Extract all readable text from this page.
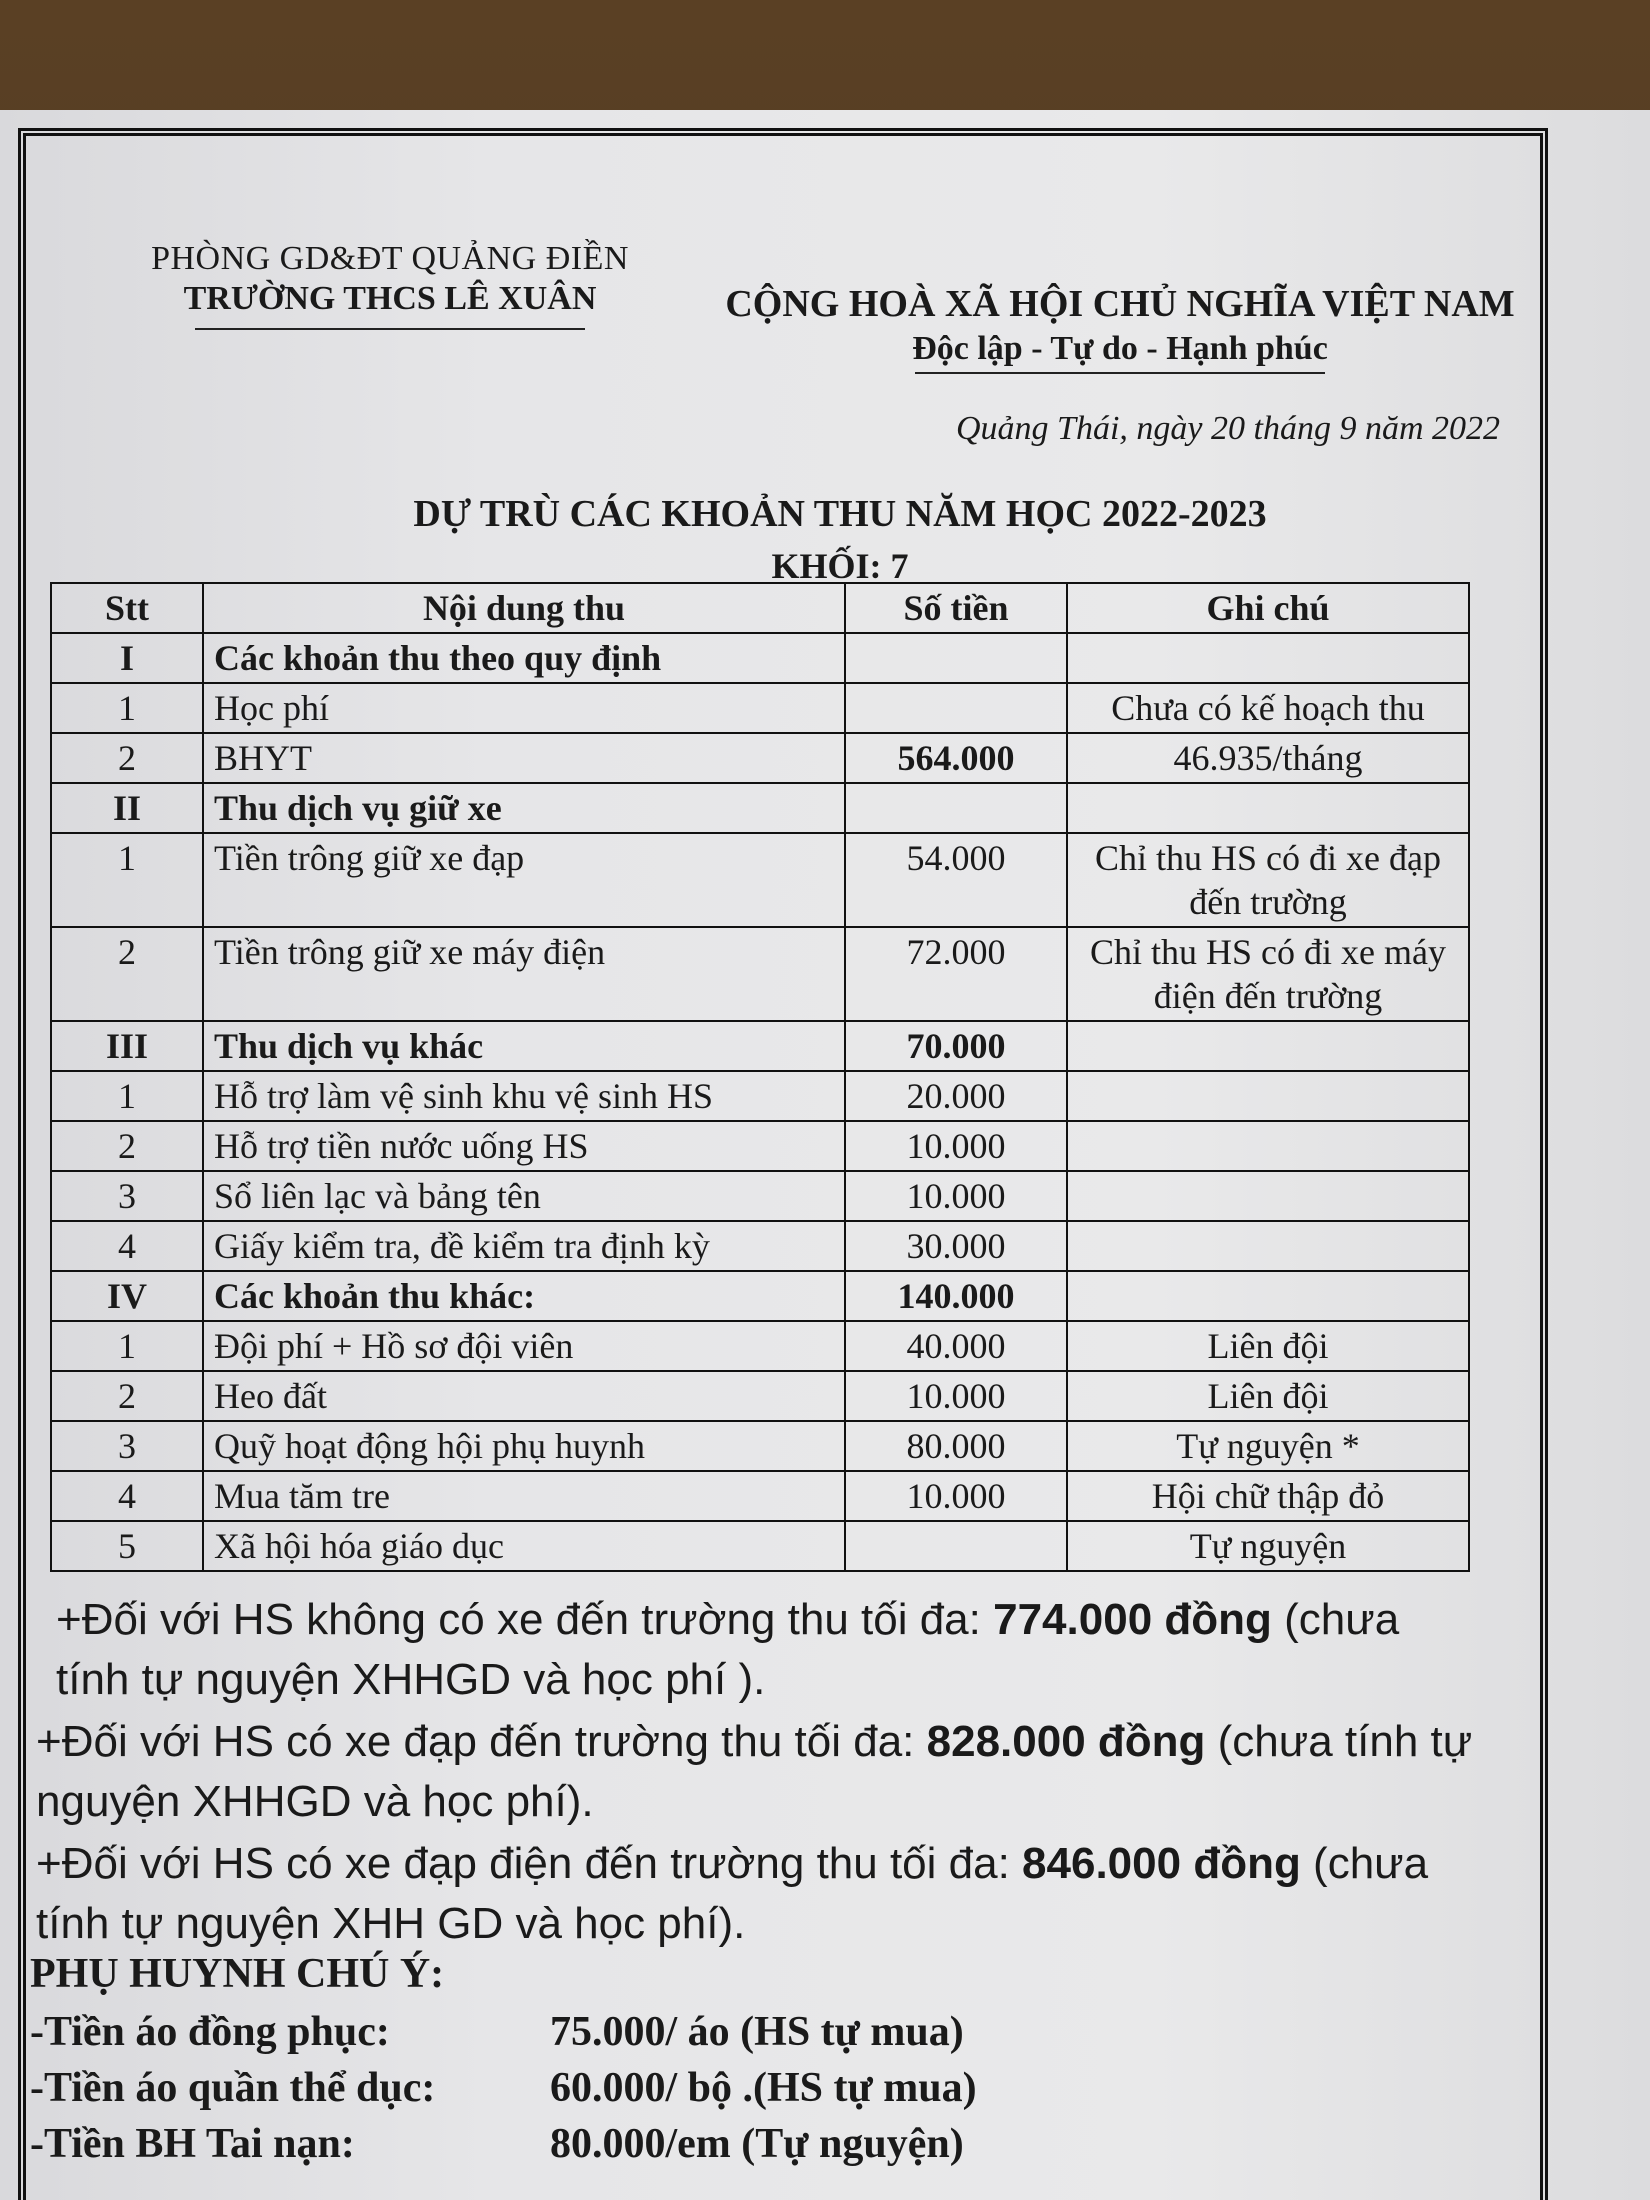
PHÒNG GD&ĐT QUẢNG ĐIỀN
TRƯỜNG THCS LÊ XUÂN	CỘNG HOÀ XÃ HỘI CHỦ NGHĨA VIỆT NAM
Độc lập - Tự do - Hạnh phúc
Quảng Thái, ngày 20 tháng 9 năm 2022
DỰ TRÙ CÁC KHOẢN THU NĂM HỌC 2022-2023
KHỐI: 7
Stt	Nội dung thu	Số tiền	Ghi chú
I	Các khoản thu theo quy định		
1	Học phí		Chưa có kế hoạch thu
2	BHYT	564.000	46.935/tháng
II	Thu dịch vụ giữ xe		
1	Tiền trông giữ xe đạp	54.000	Chỉ thu HS có đi xe đạp đến trường
2	Tiền trông giữ xe máy điện	72.000	Chỉ thu HS có đi xe máy điện đến trường
III	Thu dịch vụ khác	70.000	
1	Hỗ trợ làm vệ sinh khu vệ sinh HS	20.000	
2	Hỗ trợ tiền nước uống HS	10.000	
3	Sổ liên lạc và bảng tên	10.000	
4	Giấy kiểm tra, đề kiểm tra định kỳ	30.000	
IV	Các khoản thu khác:	140.000	
1	Đội phí + Hồ sơ đội viên	40.000	Liên đội
2	Heo đất	10.000	Liên đội
3	Quỹ hoạt động hội phụ huynh	80.000	Tự nguyện *
4	Mua tăm tre	10.000	Hội chữ thập đỏ
5	Xã hội hóa giáo dục		Tự nguyện

+Đối với HS không có xe đến trường thu tối đa: 774.000 đồng (chưa tính tự nguyện XHHGD và học phí ).

+Đối với HS có xe đạp đến trường thu tối đa: 828.000 đồng (chưa tính tự nguyện XHHGD và học phí).

+Đối với HS có xe đạp điện đến trường thu tối đa: 846.000 đồng (chưa tính tự nguyện XHH GD và học phí).

PHỤ HUYNH CHÚ Ý:
-Tiền áo đồng phục:	75.000/ áo (HS tự mua)
-Tiền áo quần thể dục:	60.000/ bộ .(HS tự mua)
-Tiền BH Tai nạn:	80.000/em (Tự nguyện)
